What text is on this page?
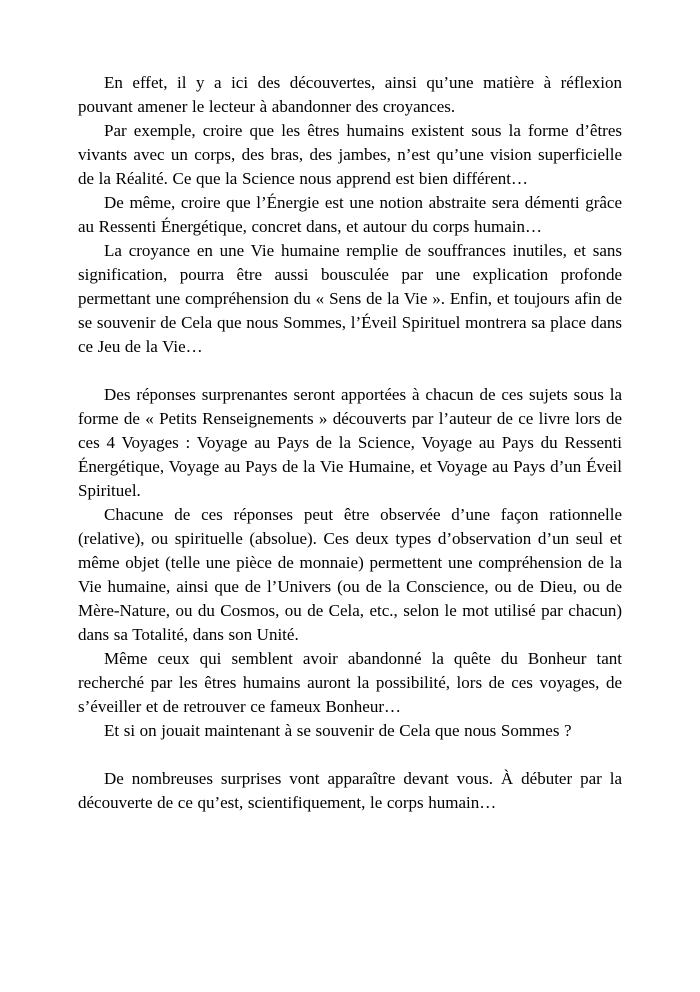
En effet, il y a ici des découvertes, ainsi qu’une matière à réflexion pouvant amener le lecteur à abandonner des croyances.

Par exemple, croire que les êtres humains existent sous la forme d’êtres vivants avec un corps, des bras, des jambes, n’est qu’une vision superficielle de la Réalité. Ce que la Science nous apprend est bien différent…

De même, croire que l’Énergie est une notion abstraite sera démenti grâce au Ressenti Énergétique, concret dans, et autour du corps humain…

La croyance en une Vie humaine remplie de souffrances inutiles, et sans signification, pourra être aussi bousculée par une explication profonde permettant une compréhension du « Sens de la Vie ». Enfin, et toujours afin de se souvenir de Cela que nous Sommes, l’Éveil Spirituel montrera sa place dans ce Jeu de la Vie…

Des réponses surprenantes seront apportées à chacun de ces sujets sous la forme de « Petits Renseignements » découverts par l’auteur de ce livre lors de ces 4 Voyages : Voyage au Pays de la Science, Voyage au Pays du Ressenti Énergétique, Voyage au Pays de la Vie Humaine, et Voyage au Pays d’un Éveil Spirituel.

Chacune de ces réponses peut être observée d’une façon rationnelle (relative), ou spirituelle (absolue). Ces deux types d’observation d’un seul et même objet (telle une pièce de monnaie) permettent une compréhension de la Vie humaine, ainsi que de l’Univers (ou de la Conscience, ou de Dieu, ou de Mère-Nature, ou du Cosmos, ou de Cela, etc., selon le mot utilisé par chacun) dans sa Totalité, dans son Unité.

Même ceux qui semblent avoir abandonné la quête du Bonheur tant recherché par les êtres humains auront la possibilité, lors de ces voyages, de s’éveiller et de retrouver ce fameux Bonheur…

Et si on jouait maintenant à se souvenir de Cela que nous Sommes ?

De nombreuses surprises vont apparaître devant vous. À débuter par la découverte de ce qu’est, scientifiquement, le corps humain…
